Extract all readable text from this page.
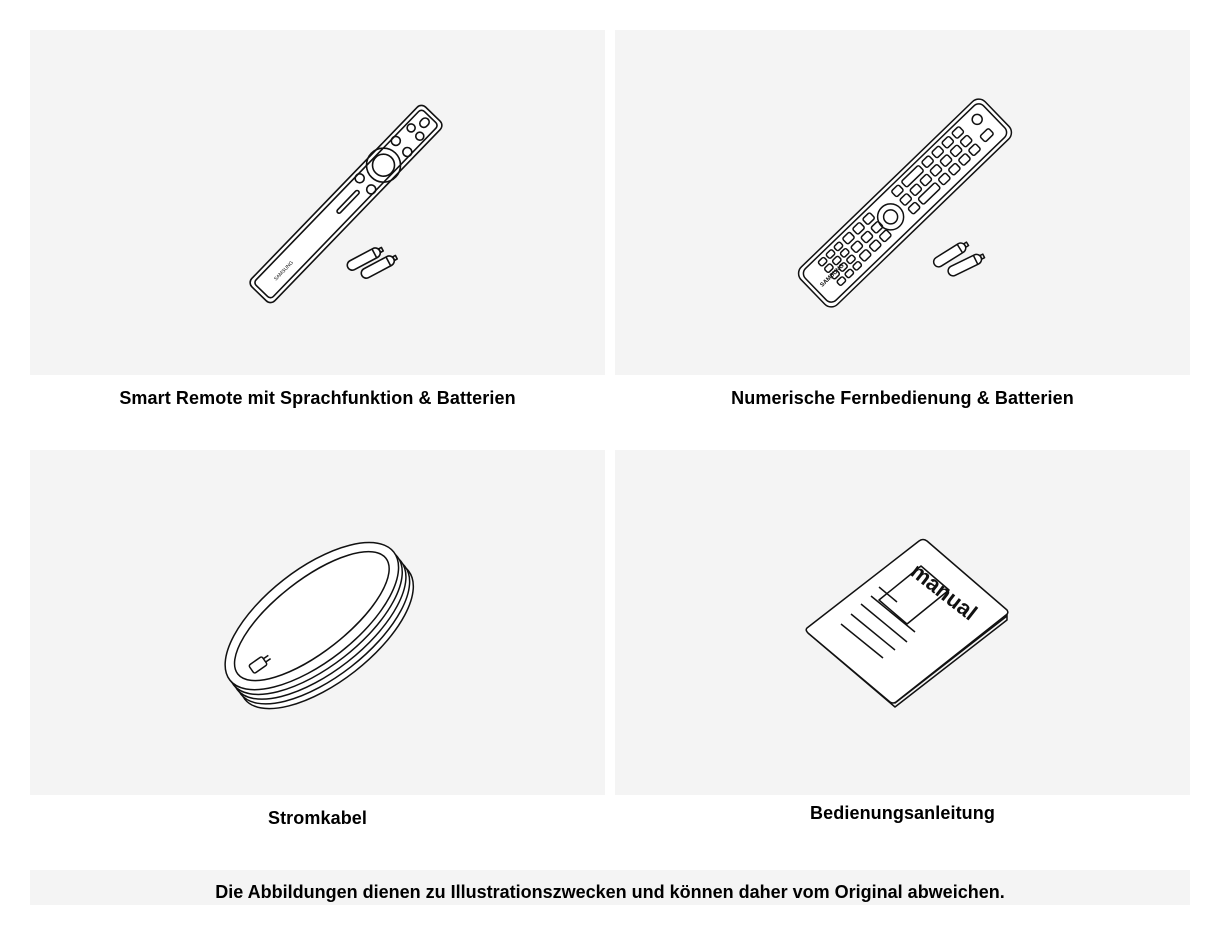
SAMSUNG
Smart Remote mit Sprachfunktion & Batterien
SAMSUNG
Numerische Fernbedienung & Batterien
Stromkabel
manual
Bedienungsanleitung
Die Abbildungen dienen zu Illustrationszwecken und können daher vom Original abweichen.
